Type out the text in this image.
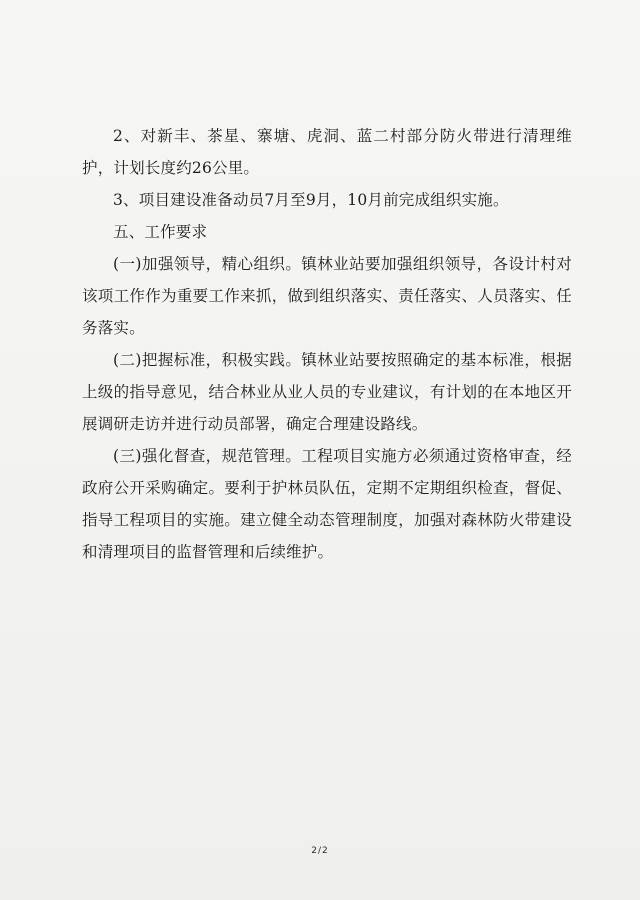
2、对新丰、茶星、寨塘、虎洞、蓝二村部分防火带进行清理维护，计划长度约26公里。

3、项目建设准备动员7月至9月，10月前完成组织实施。

五、工作要求

(一)加强领导，精心组织。镇林业站要加强组织领导，各设计村对该项工作作为重要工作来抓，做到组织落实、责任落实、人员落实、任务落实。

(二)把握标准，积极实践。镇林业站要按照确定的基本标准，根据上级的指导意见，结合林业从业人员的专业建议，有计划的在本地区开展调研走访并进行动员部署，确定合理建设路线。

(三)强化督查，规范管理。工程项目实施方必须通过资格审查，经政府公开采购确定。要利于护林员队伍，定期不定期组织检查，督促、指导工程项目的实施。建立健全动态管理制度，加强对森林防火带建设和清理项目的监督管理和后续维护。

2/2
